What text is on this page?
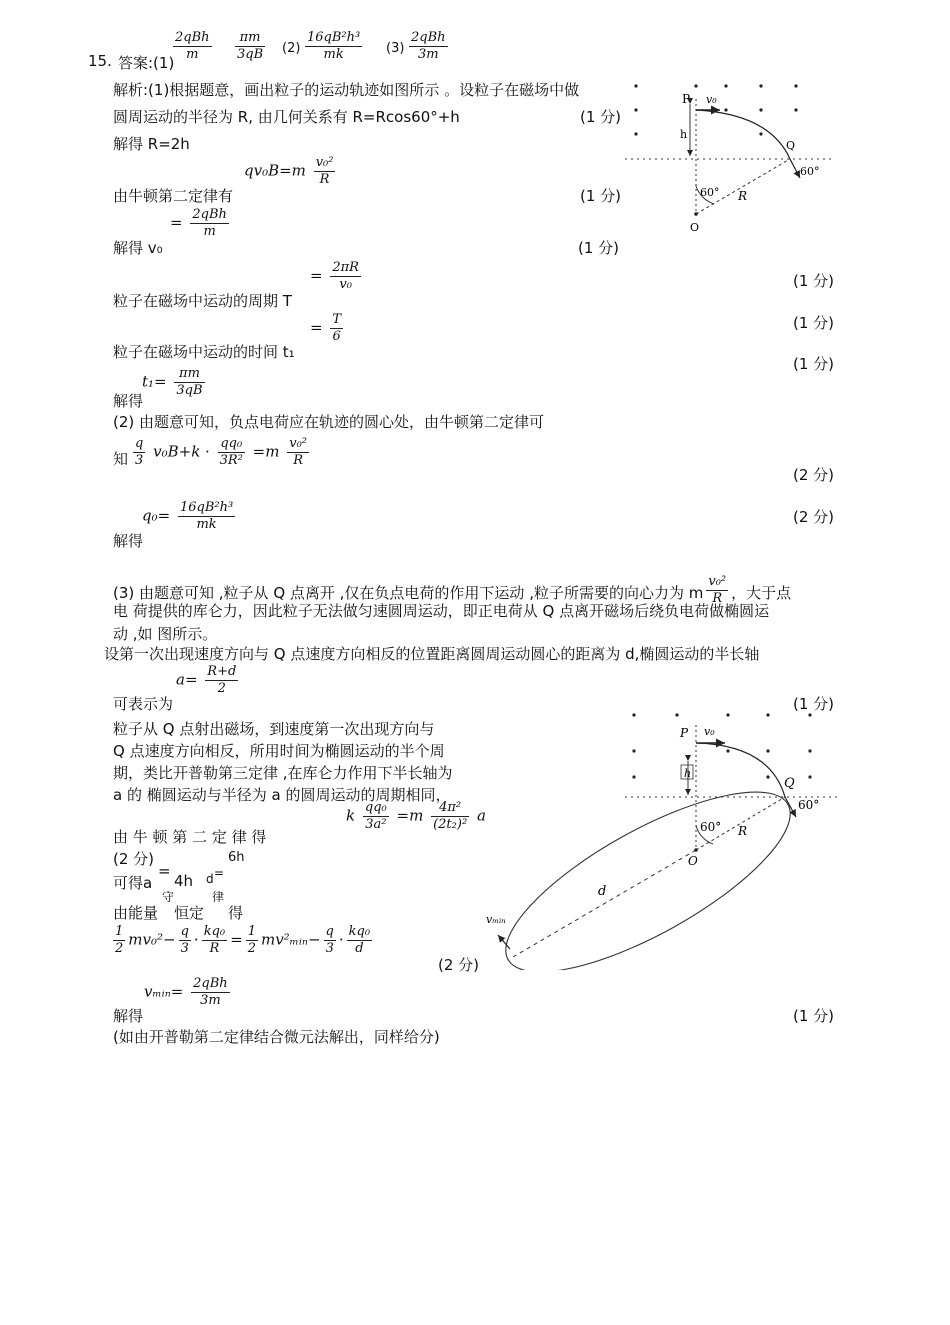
15. 答案:(1)
$\frac{\text{2qBh}}{m} \frac{\pi m}{3qB} (2) \frac{\text{16qB²h³}}{mk} (3) \frac{\text{2qBh}}{3m}$
解析:(1)根据题意，画出粒子的运动轨迹如图所示 。设粒子在磁场中做
圆周运动的半径为 R, 由几何关系有 R=Rcos60°+h	(1 分)
解得 R=2h
由牛顿第二定律有
$qv_0B=m \frac{\text{v₀²}}{R}$
(1 分)
解得 v₀
= $\frac{\text{2qBh}}{m}$
(1 分)
粒子在磁场中运动的周期 T
= $\frac{2\pi R}{\text{v₀}}$	(1 分)
粒子在磁场中运动的时间 t₁
= $\frac{T}{6}$	(1 分)
解得
$t_1= \frac{\pi m}{3qB}$
(1 分)
(2) 由题意可知，负点电荷应在轨迹的圆心处，由牛顿第二定律可
知 $\frac{q}{3} v_0B+k \cdot \frac{\text{qq₀}}{\text{3R²}} =m \frac{\text{v₀²}}{R}$
(2 分)
解得
$q_0= \frac{\text{16qB²h³}}{mk}$	(2 分)
(3) 由题意可知 ,粒子从 Q 点离开 ,仅在负点电荷的作用下运动 ,粒子所需要的向心力为 m $\frac{\text{v₀²}}{R}$ ，大于点
电 荷提供的库仑力，因此粒子无法做匀速圆周运动，即正电荷从 Q 点离开磁场后绕负电荷做椭圆运
动 ,如 图所示。
设第一次出现速度方向与 Q 点速度方向相反的位置距离圆周运动圆心的距离为 d,椭圆运动的半长轴
可表示为
$a= \frac{R+d}{2}$
(1 分)
粒子从 Q 点射出磁场，到速度第一次出现方向与
Q 点速度方向相反，所用时间为椭圆运动的半个周
期，类比开普勒第三定律 ,在库仑力作用下半长轴为
a 的 椭圆运动与半径为 a 的圆周运动的周期相同，
由 牛 顿 第 二 定 律 得
k $\frac{\text{qq₀}}{\text{3a²}} =m \frac{\text{4π²}}{\text{(2t₂)²}}$ a
(2 分)
可得a
=
4h d =
6h
由能量
守
恒定
律
得
$\frac{1}{2} mv_0^2- \frac{q}{3} \cdot \frac{\text{kq₀}}{R} = \frac{1}{2}$ mv²ₘᵢₙ− $\frac{q}{3} \cdot \frac{\text{kq₀}}{d}$
(2 分)
解得
vₘᵢₙ= $\frac{\text{2qBh}}{3m}$
(1 分)
(如由开普勒第二定律结合微元法解出，同样给分)
P v₀
h
Q
60°
60° R
O
P v₀
h
Q
60°
60° R
O
d
vₘᵢₙ
